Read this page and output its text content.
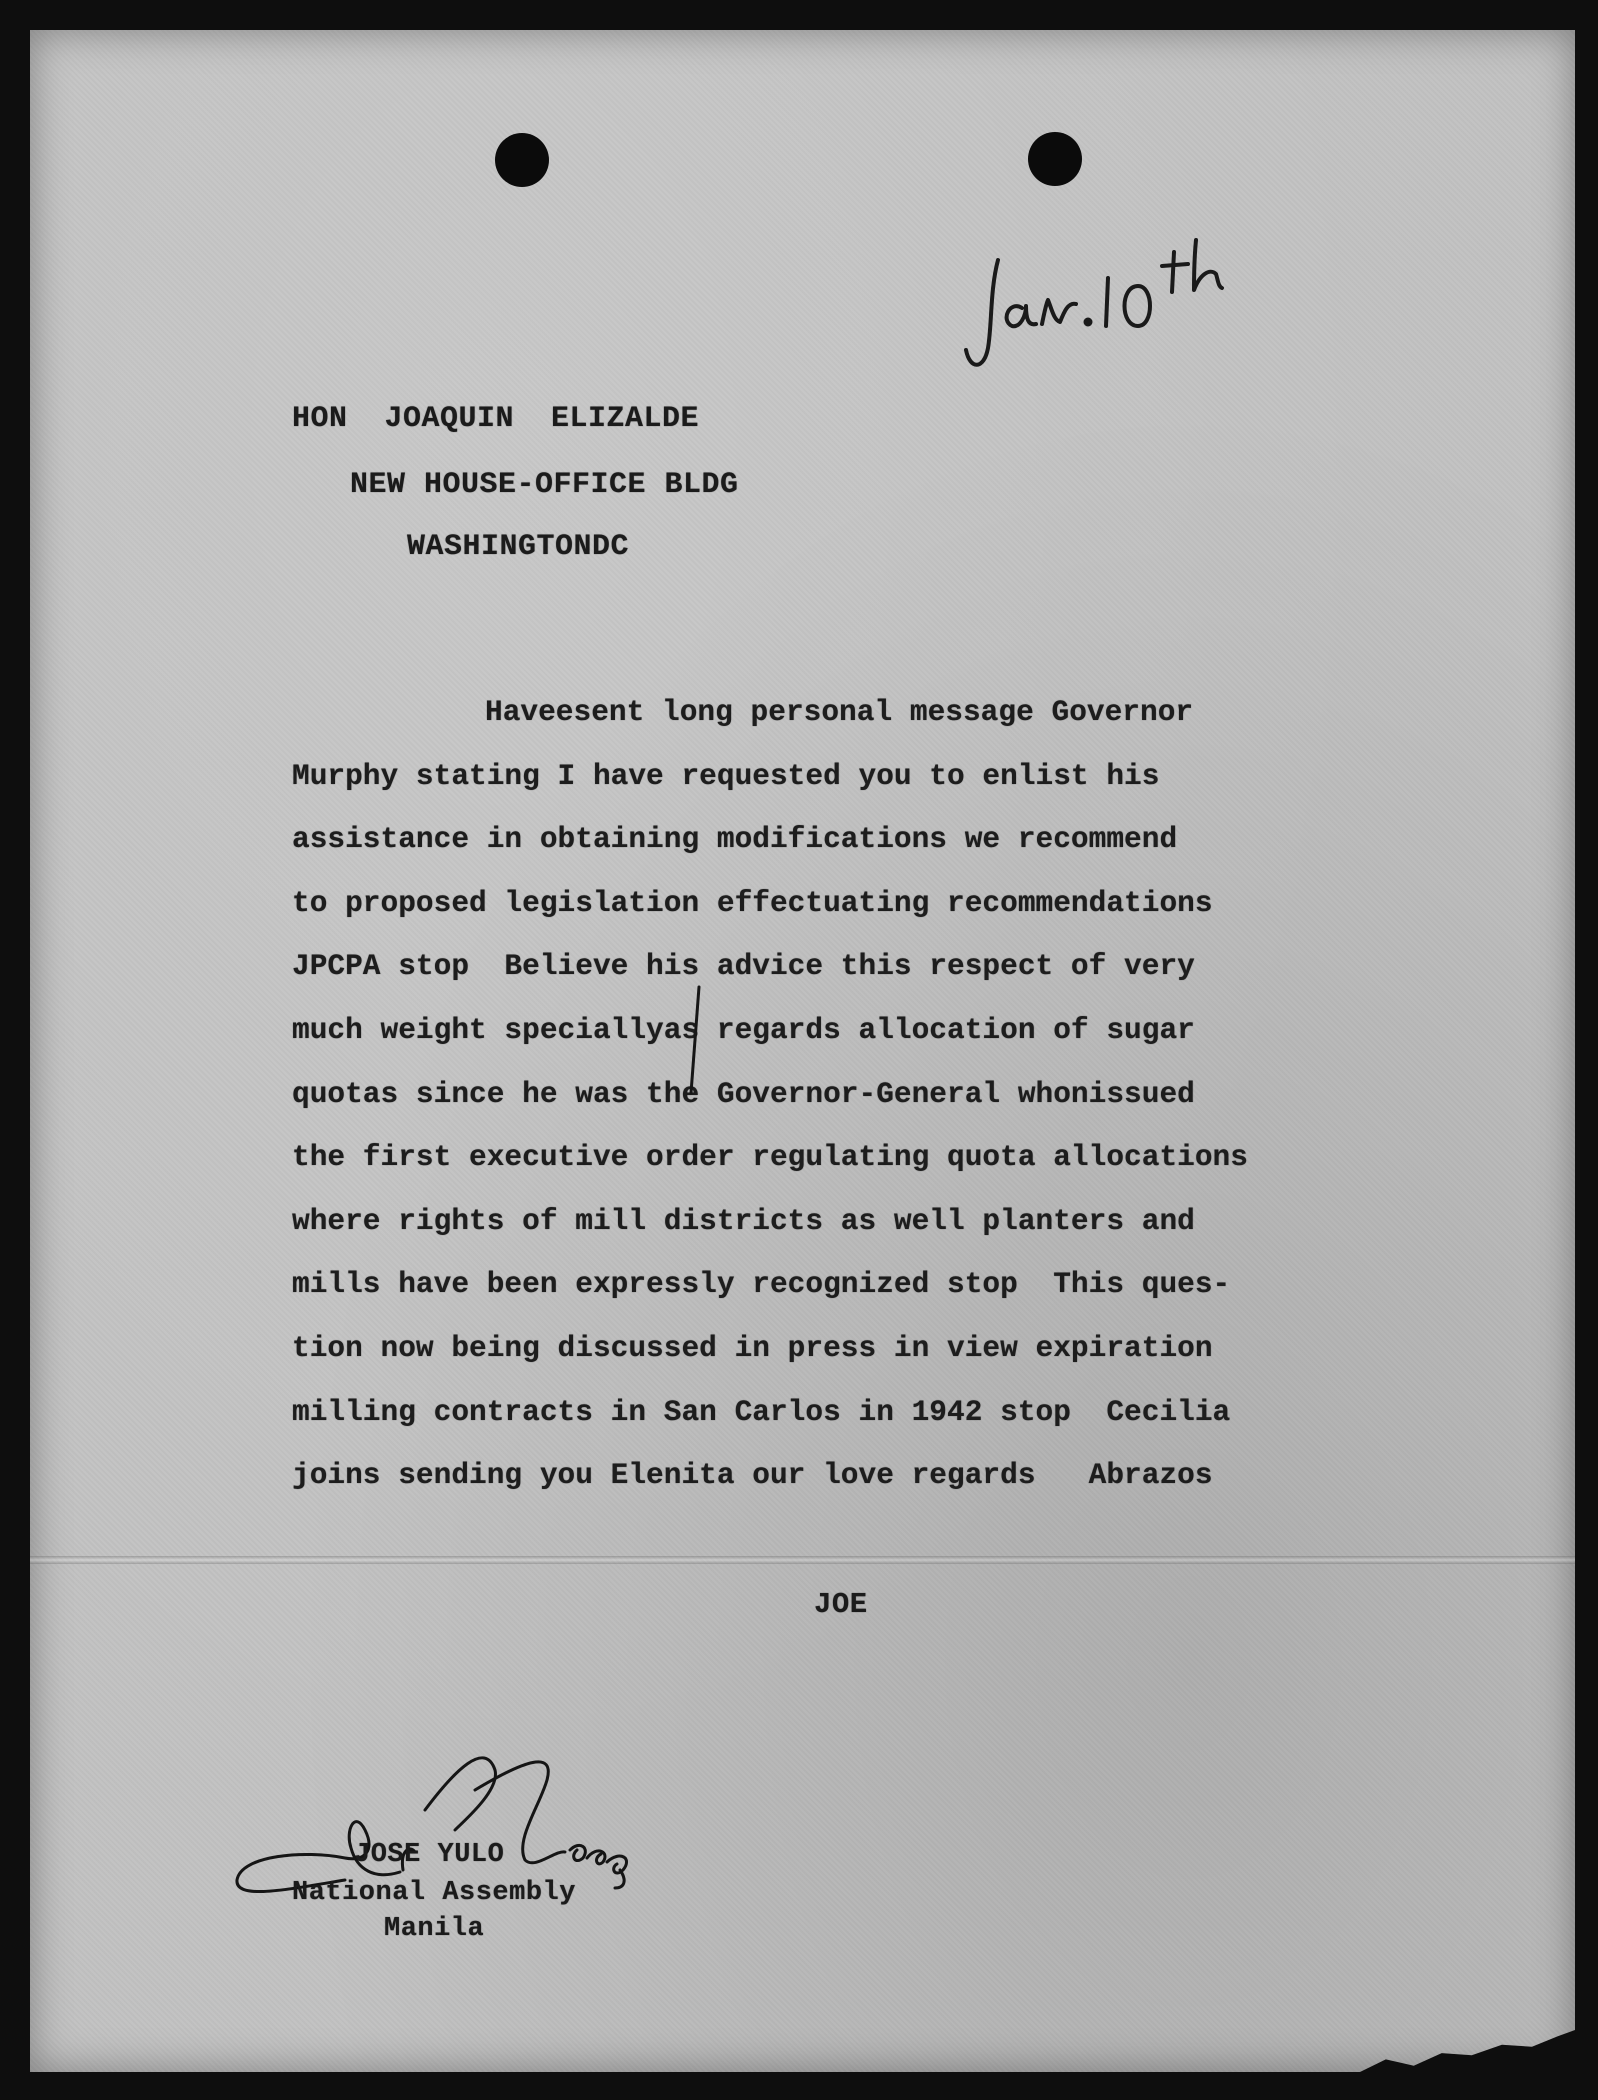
HON  JOAQUIN  ELIZALDE
NEW HOUSE-OFFICE BLDG
WASHINGTONDC
Haveesent long personal message Governor
Murphy stating I have requested you to enlist his
assistance in obtaining modifications we recommend
to proposed legislation effectuating recommendations
JPCPA stop  Believe his advice this respect of very
much weight speciallyas regards allocation of sugar
quotas since he was the Governor-General whonissued
the first executive order regulating quota allocations
where rights of mill districts as well planters and
mills have been expressly recognized stop  This ques-
tion now being discussed in press in view expiration
milling contracts in San Carlos in 1942 stop  Cecilia
joins sending you Elenita our love regards   Abrazos
JOE
JOSE YULO
National Assembly
Manila
